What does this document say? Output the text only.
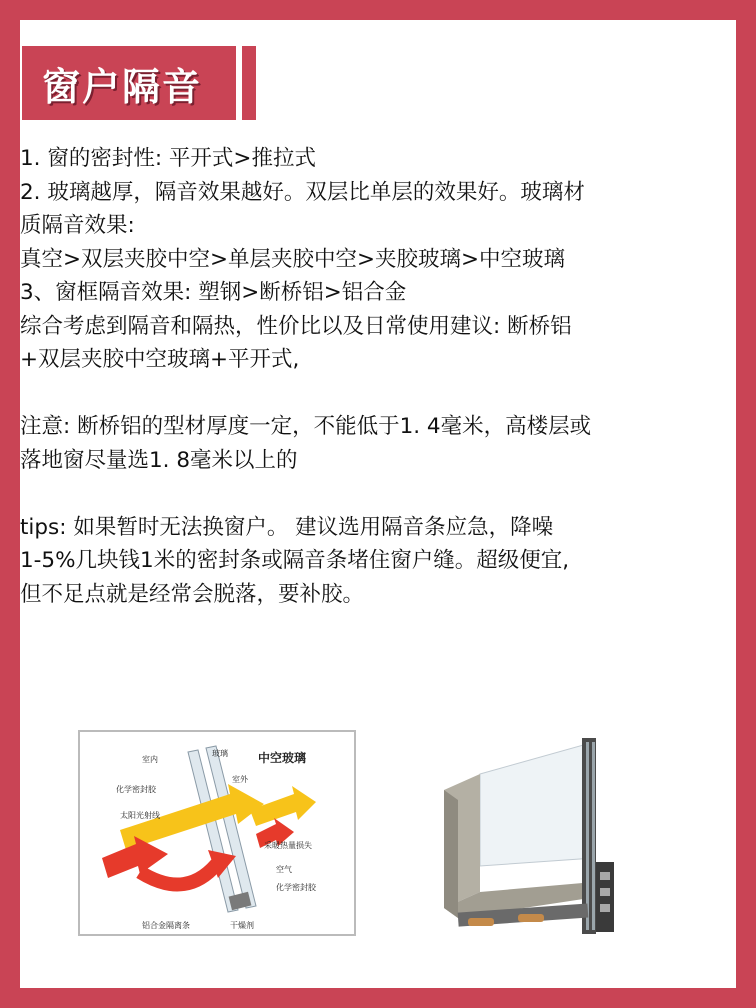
窗户隔音

1. 窗的密封性: 平开式>推拉式

2. 玻璃越厚，隔音效果越好。双层比单层的效果好。玻璃材

质隔音效果:

真空>双层夹胶中空>单层夹胶中空>夹胶玻璃>中空玻璃

3、窗框隔音效果: 塑钢>断桥铝>铝合金

综合考虑到隔音和隔热，性价比以及日常使用建议: 断桥铝

+双层夹胶中空玻璃+平开式,

注意: 断桥铝的型材厚度一定，不能低于1. 4毫米，高楼层或

落地窗尽量选1. 8毫米以上的

tips: 如果暂时无法换窗户。 建议选用隔音条应急，降噪

1-5%几块钱1米的密封条或隔音条堵住窗户缝。超级便宜,

但不足点就是经常会脱落，要补胶。

中空玻璃
室内
玻璃
室外
化学密封胶
太阳光射线
采暖热量损失
空气
化学密封胶
铝合金隔离条	干燥剂
